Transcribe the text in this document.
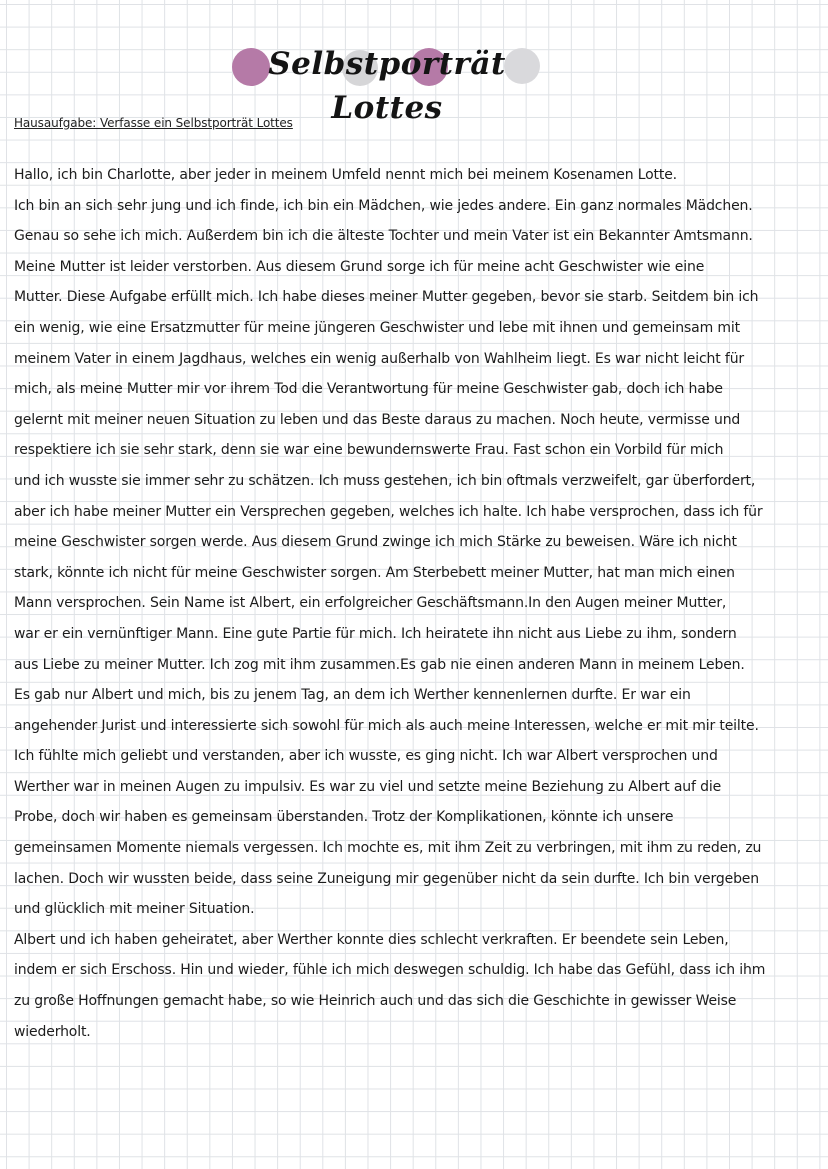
Selbstporträt Lottes
Hausaufgabe: Verfasse ein Selbstporträt Lottes
Hallo, ich bin Charlotte, aber jeder in meinem Umfeld nennt mich bei meinem Kosenamen Lotte.
Ich bin an sich sehr jung und ich finde, ich bin ein Mädchen, wie jedes andere. Ein ganz normales Mädchen.
Genau so sehe ich mich. Außerdem bin ich die älteste Tochter und mein Vater ist ein Bekannter Amtsmann.
Meine Mutter ist leider verstorben. Aus diesem Grund sorge ich für meine acht Geschwister wie eine
Mutter. Diese Aufgabe erfüllt mich. Ich habe dieses meiner Mutter gegeben, bevor sie starb. Seitdem bin ich
ein wenig, wie eine Ersatzmutter für meine jüngeren Geschwister und lebe mit ihnen und gemeinsam mit
meinem Vater in einem Jagdhaus, welches ein wenig außerhalb von Wahlheim liegt. Es war nicht leicht für
mich, als meine Mutter mir vor ihrem Tod die Verantwortung für meine Geschwister gab, doch ich habe
gelernt mit meiner neuen Situation zu leben und das Beste daraus zu machen. Noch heute, vermisse und
respektiere ich sie sehr stark, denn sie war eine bewundernswerte Frau. Fast schon ein Vorbild für mich
und ich wusste sie immer sehr zu schätzen. Ich muss gestehen, ich bin oftmals verzweifelt, gar überfordert,
aber ich habe meiner Mutter ein Versprechen gegeben, welches ich halte. Ich habe versprochen, dass ich für
meine Geschwister sorgen werde. Aus diesem Grund zwinge ich mich Stärke zu beweisen. Wäre ich nicht
stark, könnte ich nicht für meine Geschwister sorgen. Am Sterbebett meiner Mutter, hat man mich einen
Mann versprochen. Sein Name ist Albert, ein erfolgreicher Geschäftsmann.In den Augen meiner Mutter,
war er ein vernünftiger Mann. Eine gute Partie für mich. Ich heiratete ihn nicht aus Liebe zu ihm, sondern
aus Liebe zu meiner Mutter. Ich zog mit ihm zusammen.Es gab nie einen anderen Mann in meinem Leben.
Es gab nur Albert und mich, bis zu jenem Tag, an dem ich Werther kennenlernen durfte. Er war ein
angehender Jurist und interessierte sich sowohl für mich als auch meine Interessen, welche er mit mir teilte.
Ich fühlte mich geliebt und verstanden, aber ich wusste, es ging nicht. Ich war Albert versprochen und
Werther war in meinen Augen zu impulsiv. Es war zu viel und setzte meine Beziehung zu Albert auf die
Probe, doch wir haben es gemeinsam überstanden. Trotz der Komplikationen, könnte ich unsere
gemeinsamen Momente niemals vergessen. Ich mochte es, mit ihm Zeit zu verbringen, mit ihm zu reden, zu
lachen. Doch wir wussten beide, dass seine Zuneigung mir gegenüber nicht da sein durfte. Ich bin vergeben
und glücklich mit meiner Situation.
Albert und ich haben geheiratet, aber Werther konnte dies schlecht verkraften. Er beendete sein Leben,
indem er sich Erschoss. Hin und wieder, fühle ich mich deswegen schuldig. Ich habe das Gefühl, dass ich ihm
zu große Hoffnungen gemacht habe, so wie Heinrich auch und das sich die Geschichte in gewisser Weise
wiederholt.
